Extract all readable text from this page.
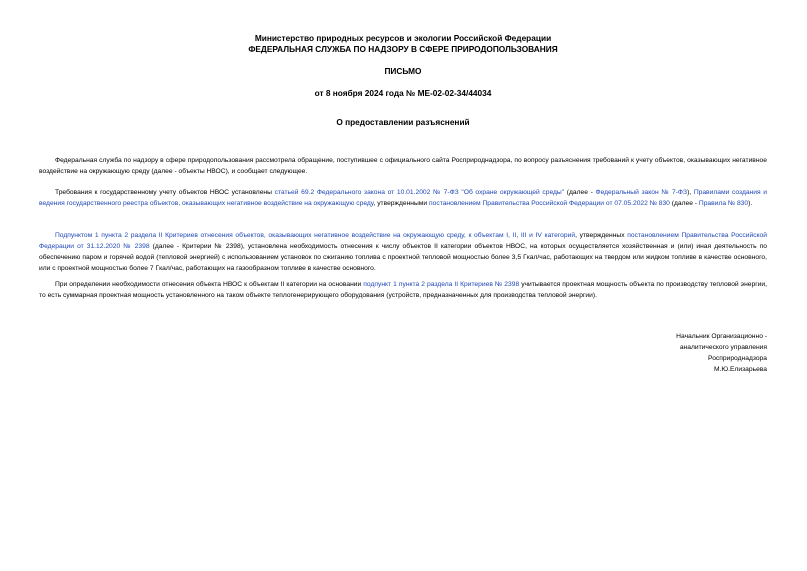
Министерство природных ресурсов и экологии Российской Федерации
ФЕДЕРАЛЬНАЯ СЛУЖБА ПО НАДЗОРУ В СФЕРЕ ПРИРОДОПОЛЬЗОВАНИЯ
ПИСЬМО
от 8 ноября 2024 года № МЕ-02-02-34/44034
О предоставлении разъяснений

Федеральная служба по надзору в сфере природопользования рассмотрела обращение, поступившее с официального сайта Росприроднадзора, по вопросу разъяснения требований к учету объектов, оказывающих негативное воздействие на окружающую среду (далее - объекты НВОС), и сообщает следующее.

Требования к государственному учету объектов НВОС установлены статьей 69.2 Федерального закона от 10.01.2002 № 7-ФЗ "Об охране окружающей среды" (далее - Федеральный закон № 7-ФЗ), Правилами создания и ведения государственного реестра объектов, оказывающих негативное воздействие на окружающую среду, утвержденными постановлением Правительства Российской Федерации от 07.05.2022 № 830 (далее - Правила № 830).

Подпунктом 1 пункта 2 раздела II Критериев отнесения объектов, оказывающих негативное воздействие на окружающую среду, к объектам I, II, III и IV категорий, утвержденных постановлением Правительства Российской Федерации от 31.12.2020 № 2398 (далее - Критерии № 2398), установлена необходимость отнесения к числу объектов II категории объектов НВОС, на которых осуществляется хозяйственная и (или) иная деятельность по обеспечению паром и горячей водой (тепловой энергией) с использованием установок по сжиганию топлива с проектной тепловой мощностью более 3,5 Гкал/час, работающих на твердом или жидком топливе в качестве основного, или с проектной мощностью более 7 Гкал/час, работающих на газообразном топливе в качестве основного.

При определении необходимости отнесения объекта НВОС к объектам II категории на основании подпункт 1 пункта 2 раздела II Критериев № 2398 учитывается проектная мощность объекта по производству тепловой энергии, то есть суммарная проектная мощность установленного на таком объекте теплогенерирующего оборудования (устройств, предназначенных для производства тепловой энергии).

Начальник Организационно -
аналитического управления
Росприроднадзора
М.Ю.Елизарьева
